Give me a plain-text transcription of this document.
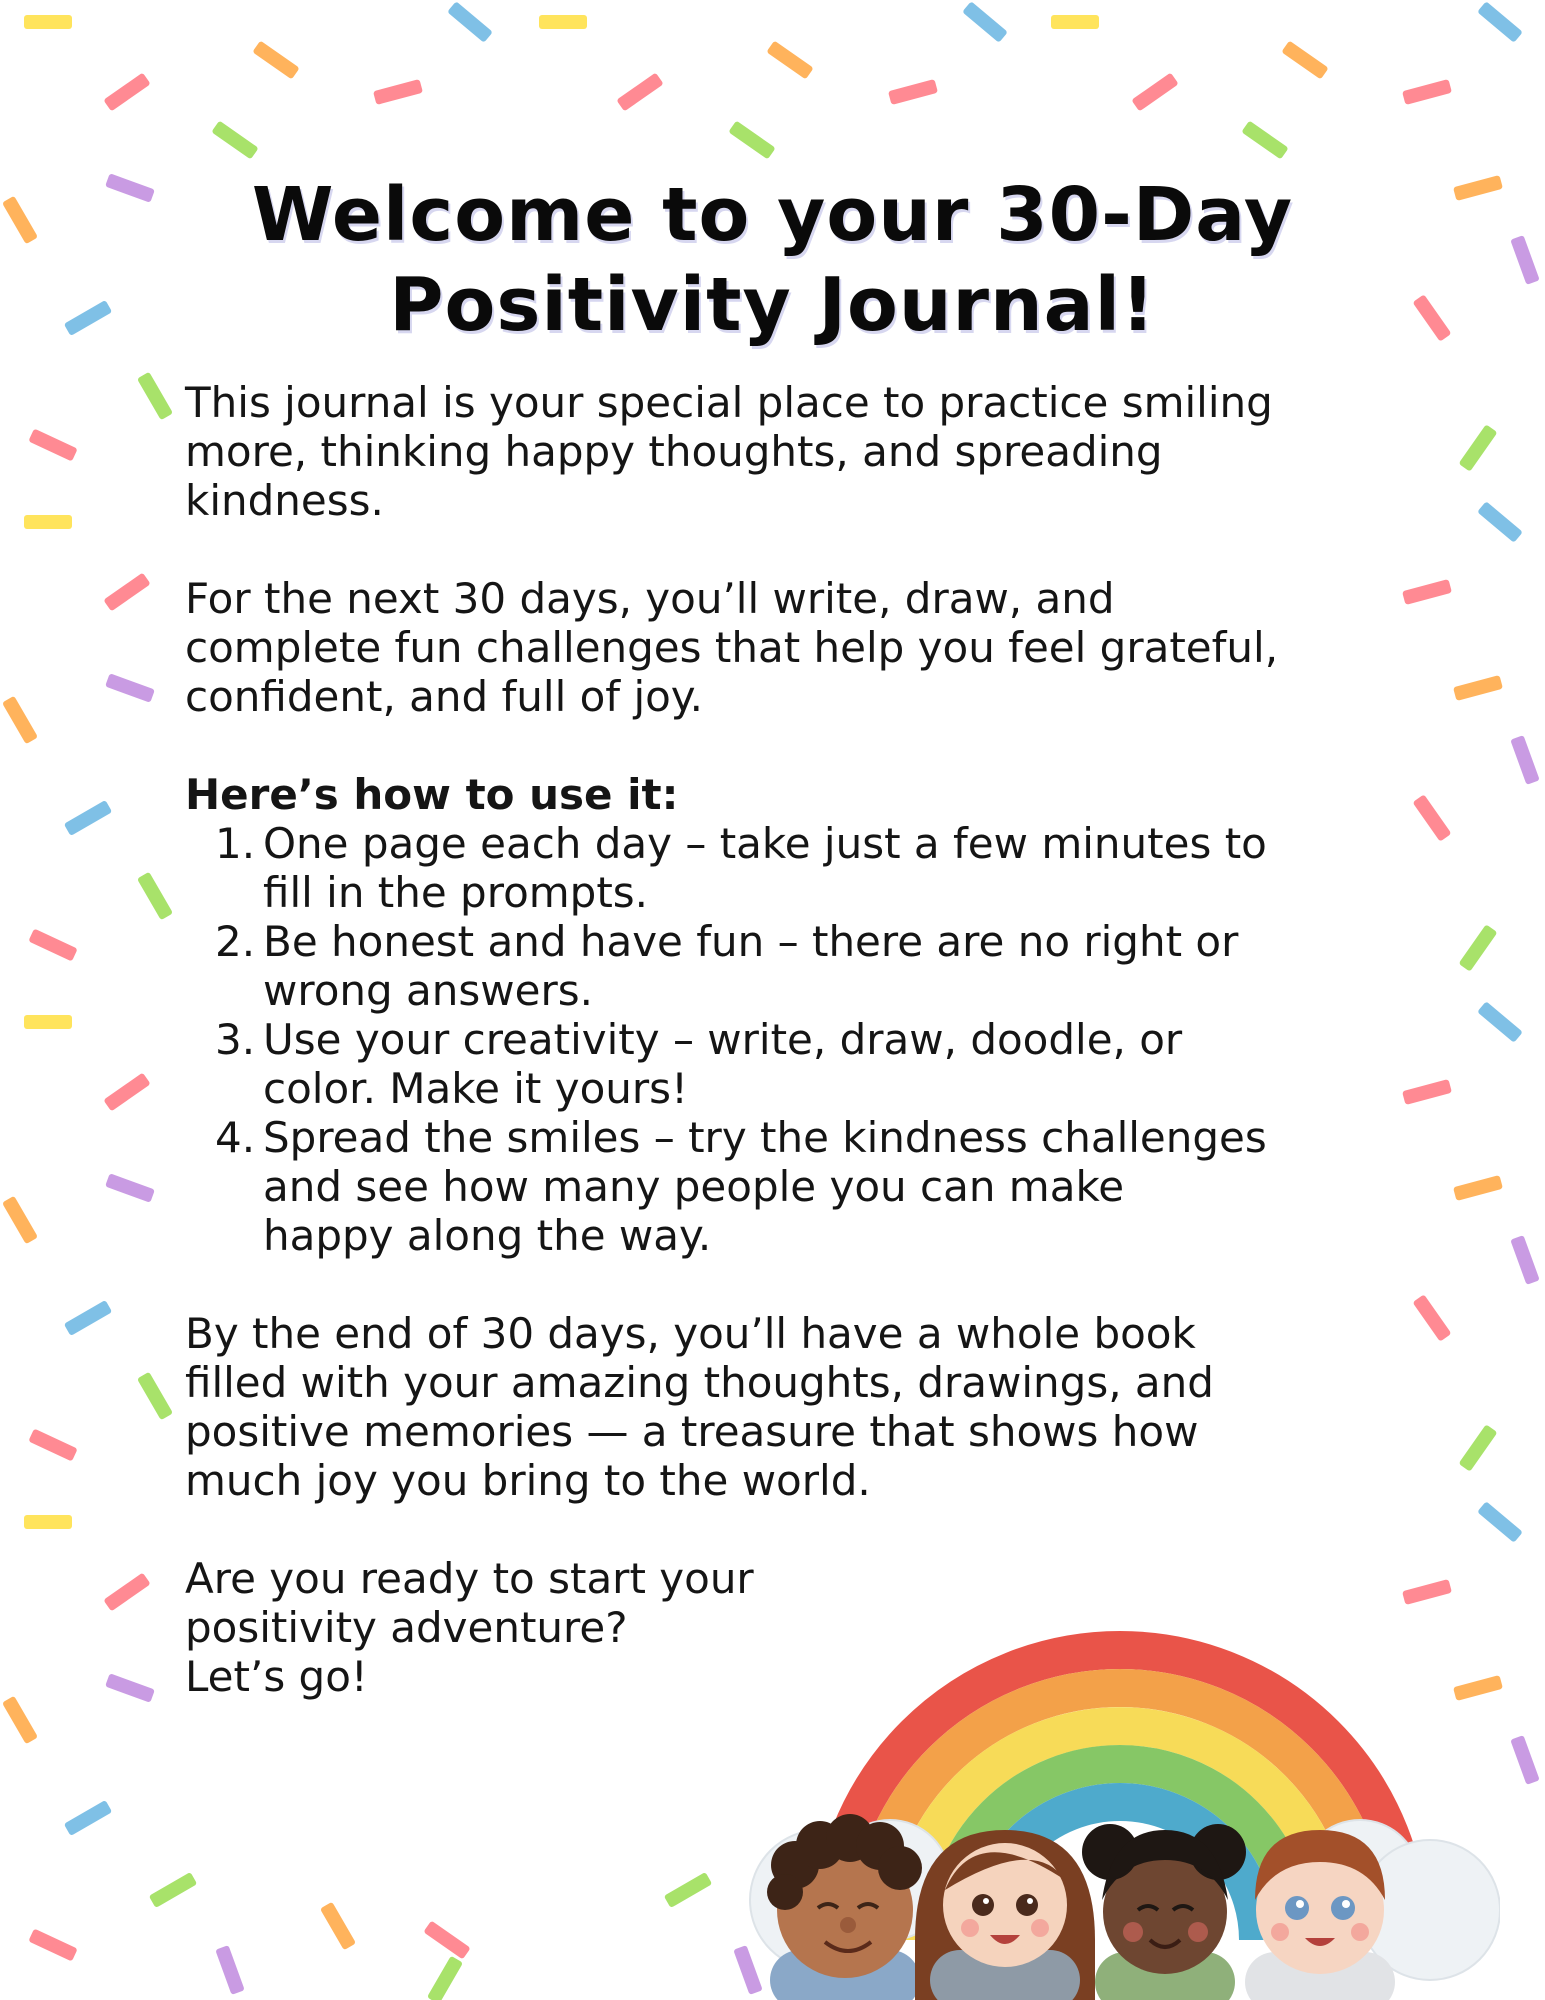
Welcome to your 30-Day
Positivity Journal!

This journal is your special place to practice smiling
more, thinking happy thoughts, and spreading
kindness.

For the next 30 days, you’ll write, draw, and
complete fun challenges that help you feel grateful,
confident, and full of joy.

Here’s how to use it:

1. One page each day – take just a few minutes to
fill in the prompts.
2. Be honest and have fun – there are no right or
wrong answers.
3. Use your creativity – write, draw, doodle, or
color. Make it yours!
4. Spread the smiles – try the kindness challenges
and see how many people you can make
happy along the way.

By the end of 30 days, you’ll have a whole book
filled with your amazing thoughts, drawings, and
positive memories — a treasure that shows how
much joy you bring to the world.

Are you ready to start your
positivity adventure?
Let’s go!
